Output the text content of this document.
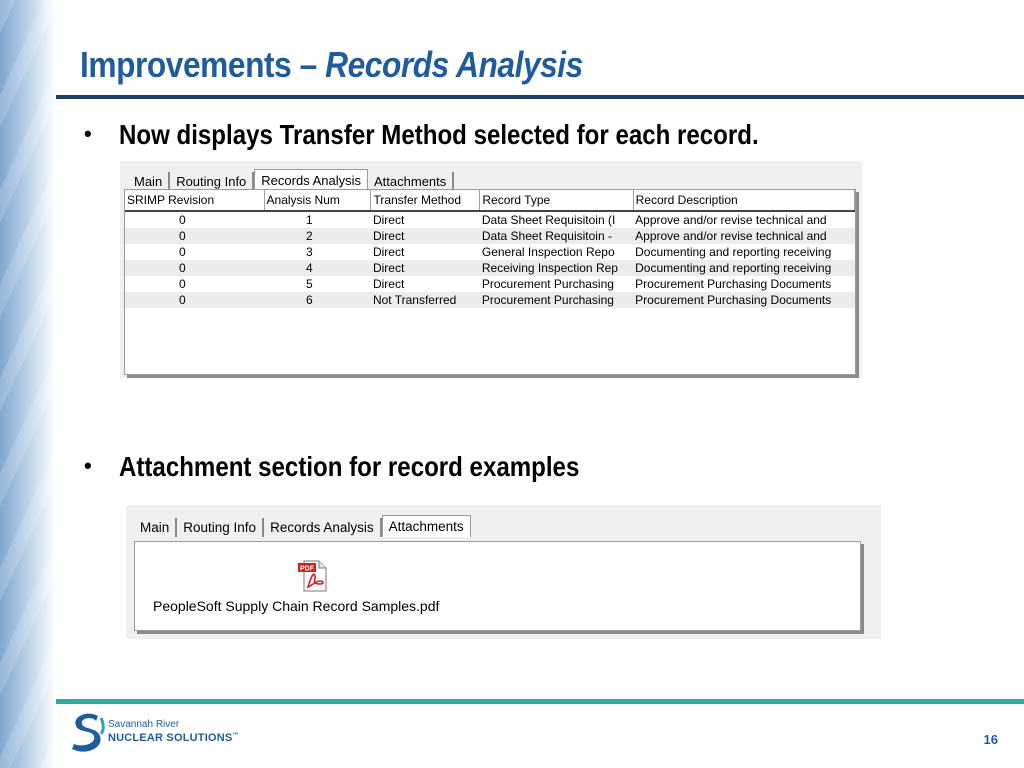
Improvements – Records Analysis
• Now displays Transfer Method selected for each record.
Main	Routing Info	Records Analysis	Attachments
SRIMP Revision	Analysis Num	Transfer Method	Record Type	Record Description
0	1	Direct	Data Sheet Requisitoin (I	Approve and/or revise technical and
0	2	Direct	Data Sheet Requisitoin -	Approve and/or revise technical and
0	3	Direct	General Inspection Repo	Documenting and reporting receiving
0	4	Direct	Receiving Inspection Rep	Documenting and reporting receiving
0	5	Direct	Procurement Purchasing	Procurement Purchasing Documents
0	6	Not Transferred	Procurement Purchasing	Procurement Purchasing Documents
• Attachment section for record examples
Main	Routing Info	Records Analysis	Attachments
PDF
PeopleSoft Supply Chain Record Samples.pdf
Savannah River
NUCLEAR SOLUTIONS™	16
